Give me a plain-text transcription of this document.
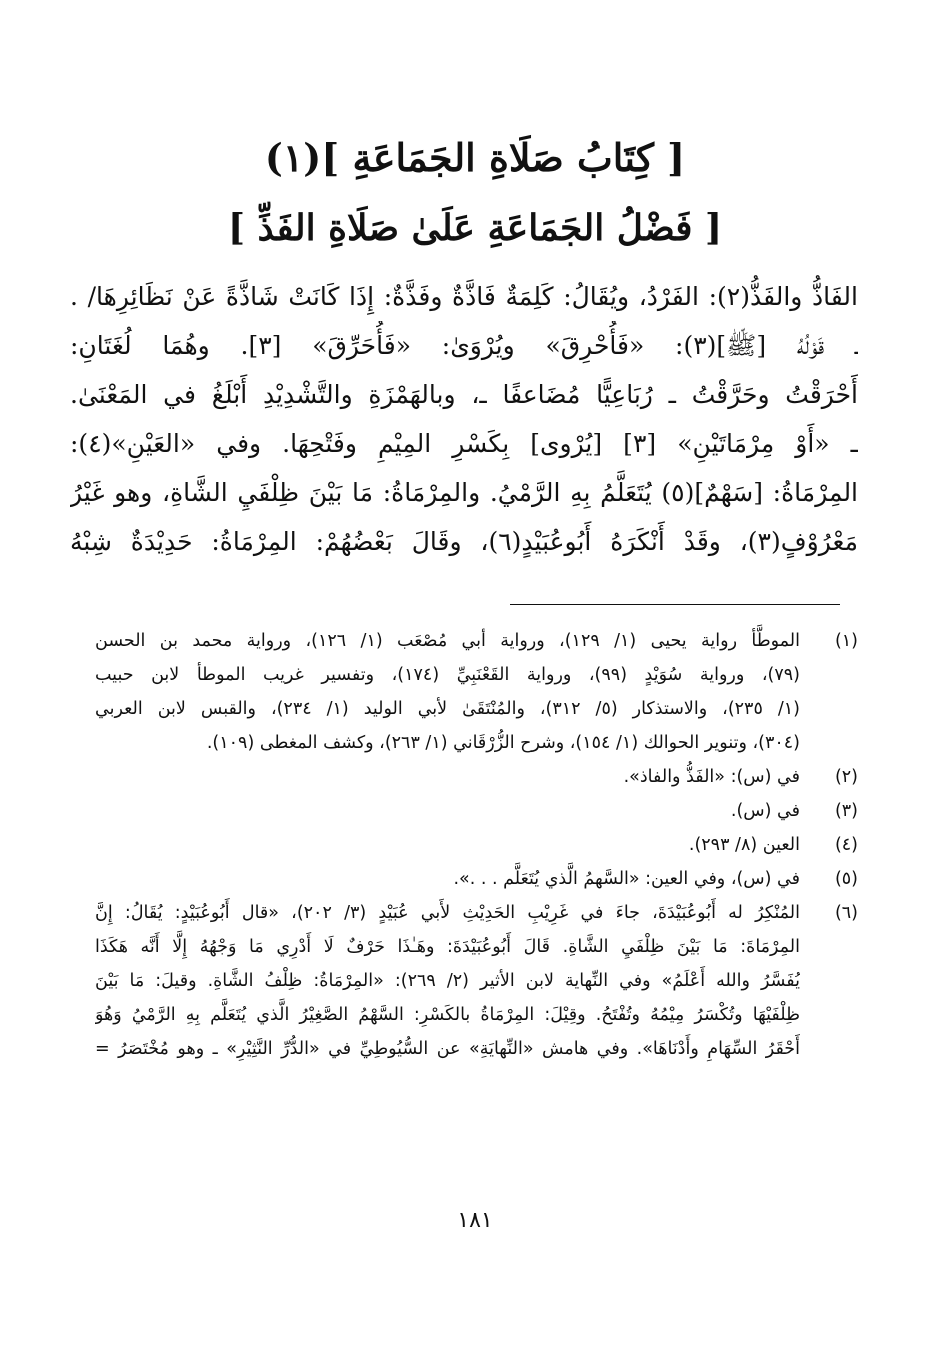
[ كِتَابُ صَلَاةِ الجَمَاعَةِ ](١)
[ فَضْلُ الجَمَاعَةِ عَلَىٰ صَلَاةِ الفَذِّ ]
الفَاذُّ والفَذُّ(٢): الفَرْدُ، ويُقَالُ: كَلِمَةٌ فَاذَّةٌ وفَذَّةٌ: إِذَا كَانَتْ شَاذَّةً عَنْ نَظَائِرِهَا/ .
ـ قَوْلُهُ [ﷺ](٣): «فَأُحْرِقَ» ويُرْوَىٰ: «فَأُحَرِّقَ» [٣]. وهُمَا لُغَتَانِ:
أَحْرَقْتُ وحَرَّقْتُ ـ رُبَاعِيًّا مُضَاعفًا ـ، وبالهَمْزَةِ والتَّشْدِيْدِ أَبْلَغُ في المَعْنَىٰ.
ـ «أَوْ مِرْمَاتَيْنِ» [٣] [يُرْوى] بِكَسْرِ المِيْمِ وفَتْحِهَا. وفي «العَيْنِ»(٤):
المِرْمَاةُ: [سَهْمٌ](٥) يُتَعَلَّمُ بِهِ الرَّمْيُ. والمِرْمَاةُ: مَا بَيْنَ ظِلْفَيِ الشَّاةِ، وهو غَيْرُ
مَعْرُوْفٍ(٣)، وقَدْ أَنْكَرَهُ أَبُوعُبَيْدٍ(٦)، وقَالَ بَعْضُهُمْ: المِرْمَاةُ: حَدِيْدَةٌ شِبْهُ
(١)
الموطَّأ رواية يحيى (١/ ١٢٩)، ورواية أبي مُصْعَب (١/ ١٢٦)، ورواية محمد بن الحسن
(٧٩)، ورواية سُوَيْدٍ (٩٩)، ورواية القَعْنَبِيِّ (١٧٤)، وتفسير غريب الموطأ لابن حبيب
(١/ ٢٣٥)، والاستذكار (٥/ ٣١٢)، والمُنْتَقَىٰ لأبي الوليد (١/ ٢٣٤)، والقبس لابن العربي
(٣٠٤)، وتنوير الحوالك (١/ ١٥٤)، وشرح الزُّرْقَاني (١/ ٢٦٣)، وكشف المغطى (١٠٩).
(٢)
في (س): «الفَذُّ والفاذ».
(٣)
في (س).
(٤)
العين (٨/ ٢٩٣).
(٥)
في (س)، وفي العين: «السَّهمُ الَّذي يُتَعَلَّم . . .».
(٦)
المُنْكِرُ له أَبُوعُبَيْدَةَ، جاءَ في غَرِيْبِ الحَدِيْثِ لأَبي عُبَيْدٍ (٣/ ٢٠٢)، «قال أَبُوعُبَيْدٍ: يُقَالُ: إِنَّ
المِرْمَاةَ: مَا بَيْنَ ظِلْفَيِ الشَّاةِ. قَالَ أَبُوعُبَيْدَةَ: وهَـٰذَا حَرْفٌ لَا أَدْرِي مَا وَجْهُهُ إِلَّا أَنَّه هَكَذَا
يُفَسَّرُ والله أَعْلَمُ» وفي النِّهاية لابن الأثير (٢/ ٢٦٩): «المِرْمَاةُ: ظِلْفُ الشَّاةِ. وقيلَ: مَا بَيْنَ
ظِلْفَيْهَا وتُكْسَرُ مِيْمُهُ وتُفْتَحُ. وقِيْلَ: المِرْمَاةُ بالكَسْرِ: السَّهْمُ الصَّغِيْرُ الَّذي يُتَعَلَّم بِهِ الرَّمْيُ وَهُوَ
أَحْقَرُ السِّهَامِ وأَدْنَاهَا». وفي هامش «النِّهايَةِ» عن السُّيُوطِيِّ في «الدُّرِّ النَّثِيْرِ» ـ وهو مُخْتَصَرُ =
١٨١
